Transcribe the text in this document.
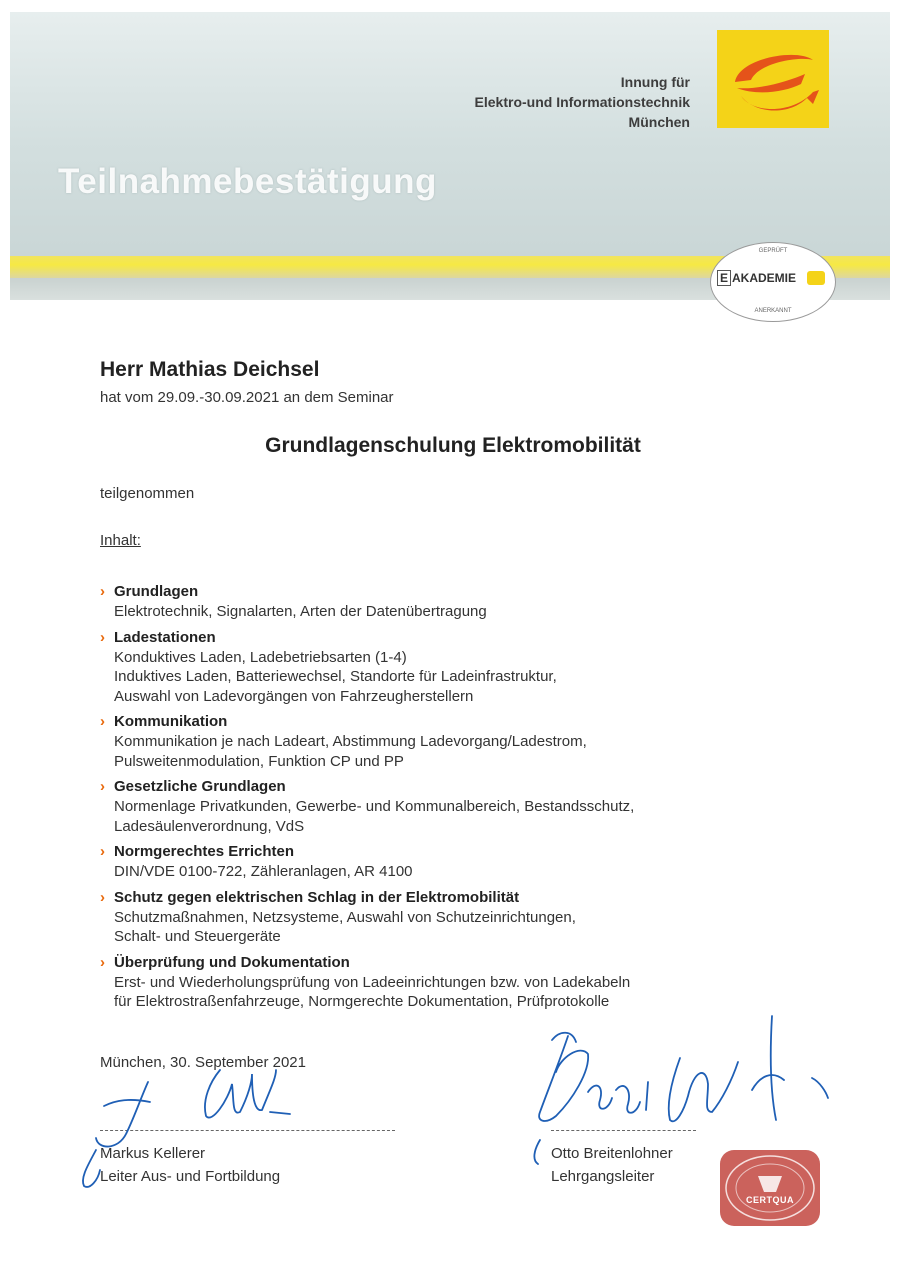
Teilnahmebestätigung
Innung für
Elektro-und Informationstechnik
München
GEPRÜFT
E AKADEMIE
ANERKANNT
Herr Mathias Deichsel
hat vom 29.09.-30.09.2021 an dem Seminar
Grundlagenschulung Elektromobilität
teilgenommen
Inhalt:
› Grundlagen
Elektrotechnik, Signalarten, Arten der Datenübertragung
› Ladestationen
Konduktives Laden, Ladebetriebsarten (1-4)
Induktives Laden, Batteriewechsel, Standorte für Ladeinfrastruktur,
Auswahl von Ladevorgängen von Fahrzeugherstellern
› Kommunikation
Kommunikation je nach Ladeart, Abstimmung Ladevorgang/Ladestrom,
Pulsweitenmodulation, Funktion CP und PP
› Gesetzliche Grundlagen
Normenlage Privatkunden, Gewerbe- und Kommunalbereich, Bestandsschutz,
Ladesäulenverordnung, VdS
› Normgerechtes Errichten
DIN/VDE 0100-722, Zähleranlagen, AR 4100
› Schutz gegen elektrischen Schlag in der Elektromobilität
Schutzmaßnahmen, Netzsysteme, Auswahl von Schutzeinrichtungen,
Schalt- und Steuergeräte
› Überprüfung und Dokumentation
Erst- und Wiederholungsprüfung von Ladeeinrichtungen bzw. von Ladekabeln
für Elektrostraßenfahrzeuge, Normgerechte Dokumentation, Prüfprotokolle
München, 30. September 2021
Markus Kellerer
Leiter Aus- und Fortbildung
Otto Breitenlohner
Lehrgangsleiter
CERTQUA
